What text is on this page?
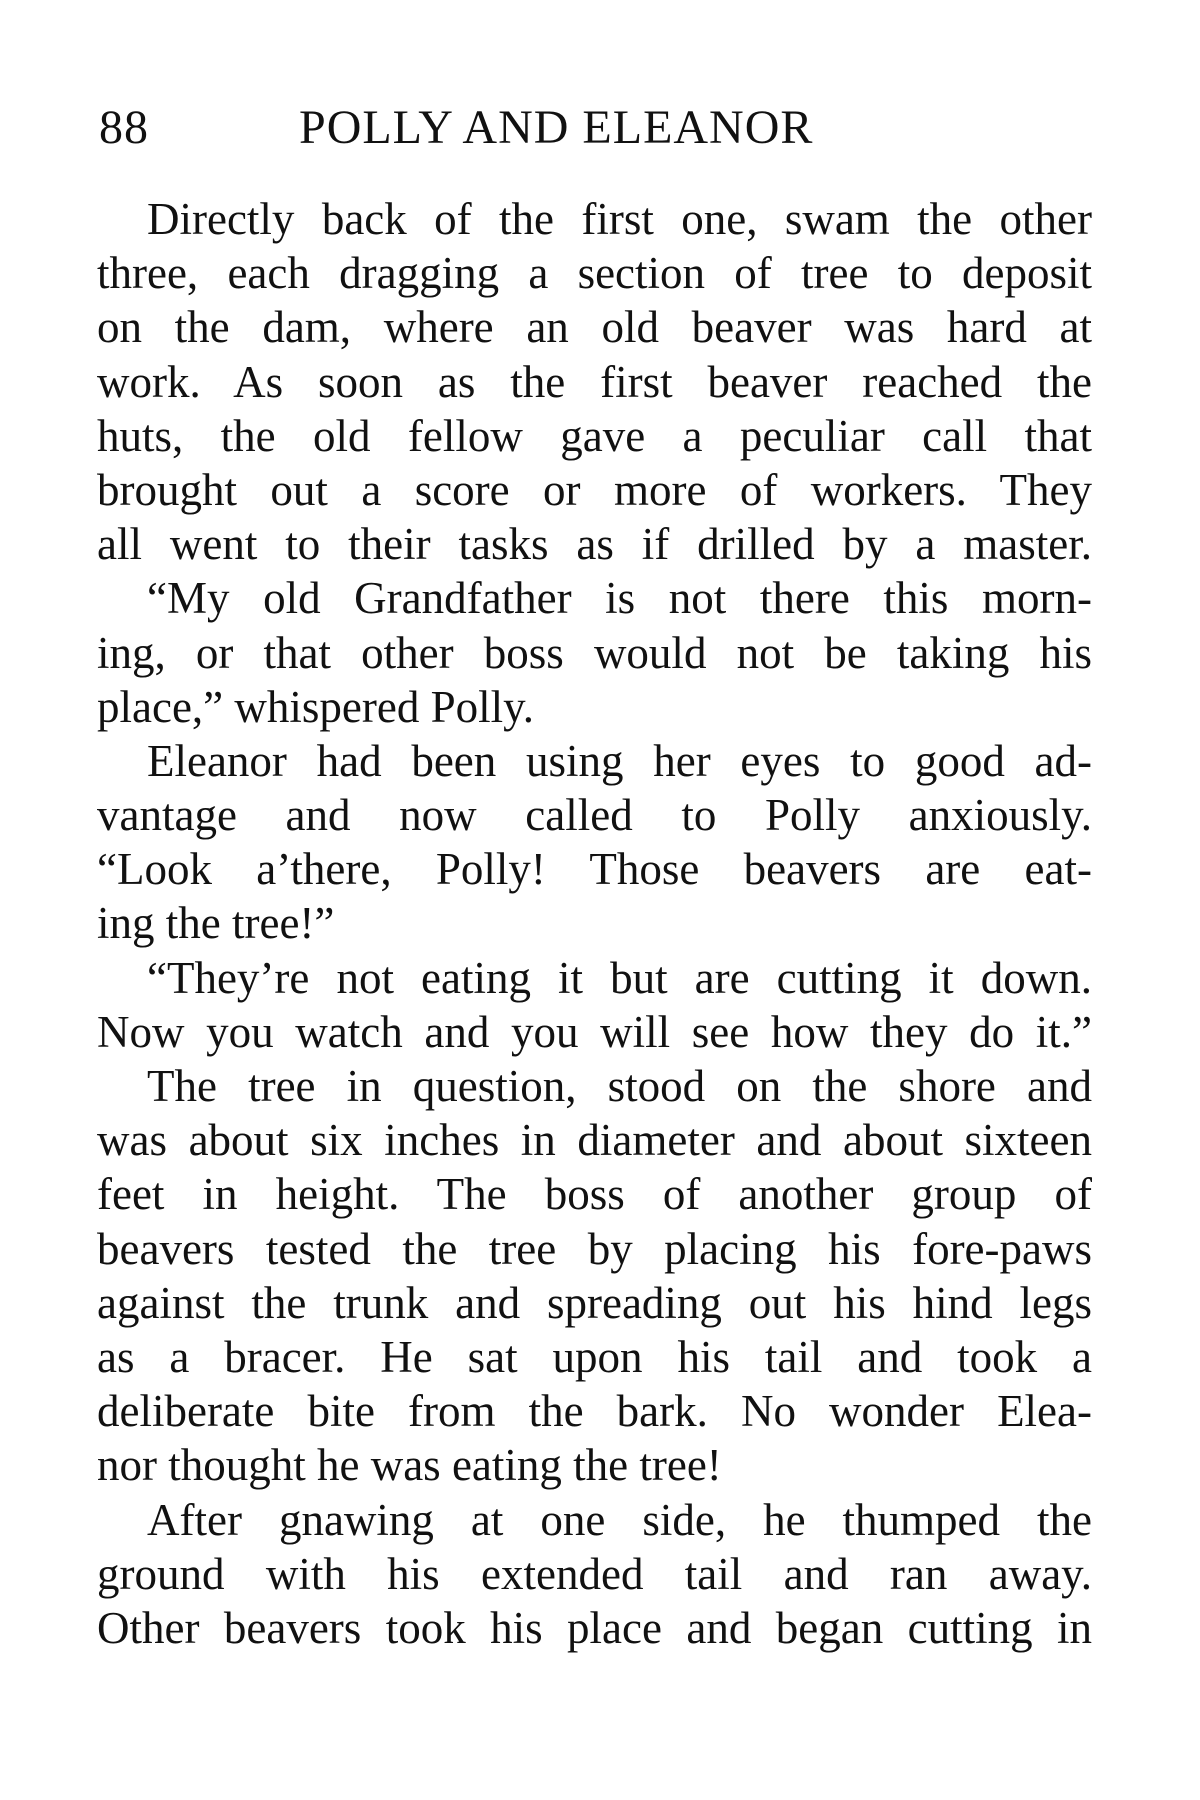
88	POLLY AND ELEANOR
Directly back of the first one, swam the other
three, each dragging a section of tree to deposit
on the dam, where an old beaver was hard at
work. As soon as the first beaver reached the
huts, the old fellow gave a peculiar call that
brought out a score or more of workers. They
all went to their tasks as if drilled by a master.
“My old Grandfather is not there this morn-
ing, or that other boss would not be taking his
place,” whispered Polly.
Eleanor had been using her eyes to good ad-
vantage and now called to Polly anxiously.
“Look a’there, Polly! Those beavers are eat-
ing the tree!”
“They’re not eating it but are cutting it down.
Now you watch and you will see how they do it.”
The tree in question, stood on the shore and
was about six inches in diameter and about sixteen
feet in height. The boss of another group of
beavers tested the tree by placing his fore-paws
against the trunk and spreading out his hind legs
as a bracer. He sat upon his tail and took a
deliberate bite from the bark. No wonder Elea-
nor thought he was eating the tree!
After gnawing at one side, he thumped the
ground with his extended tail and ran away.
Other beavers took his place and began cutting in
